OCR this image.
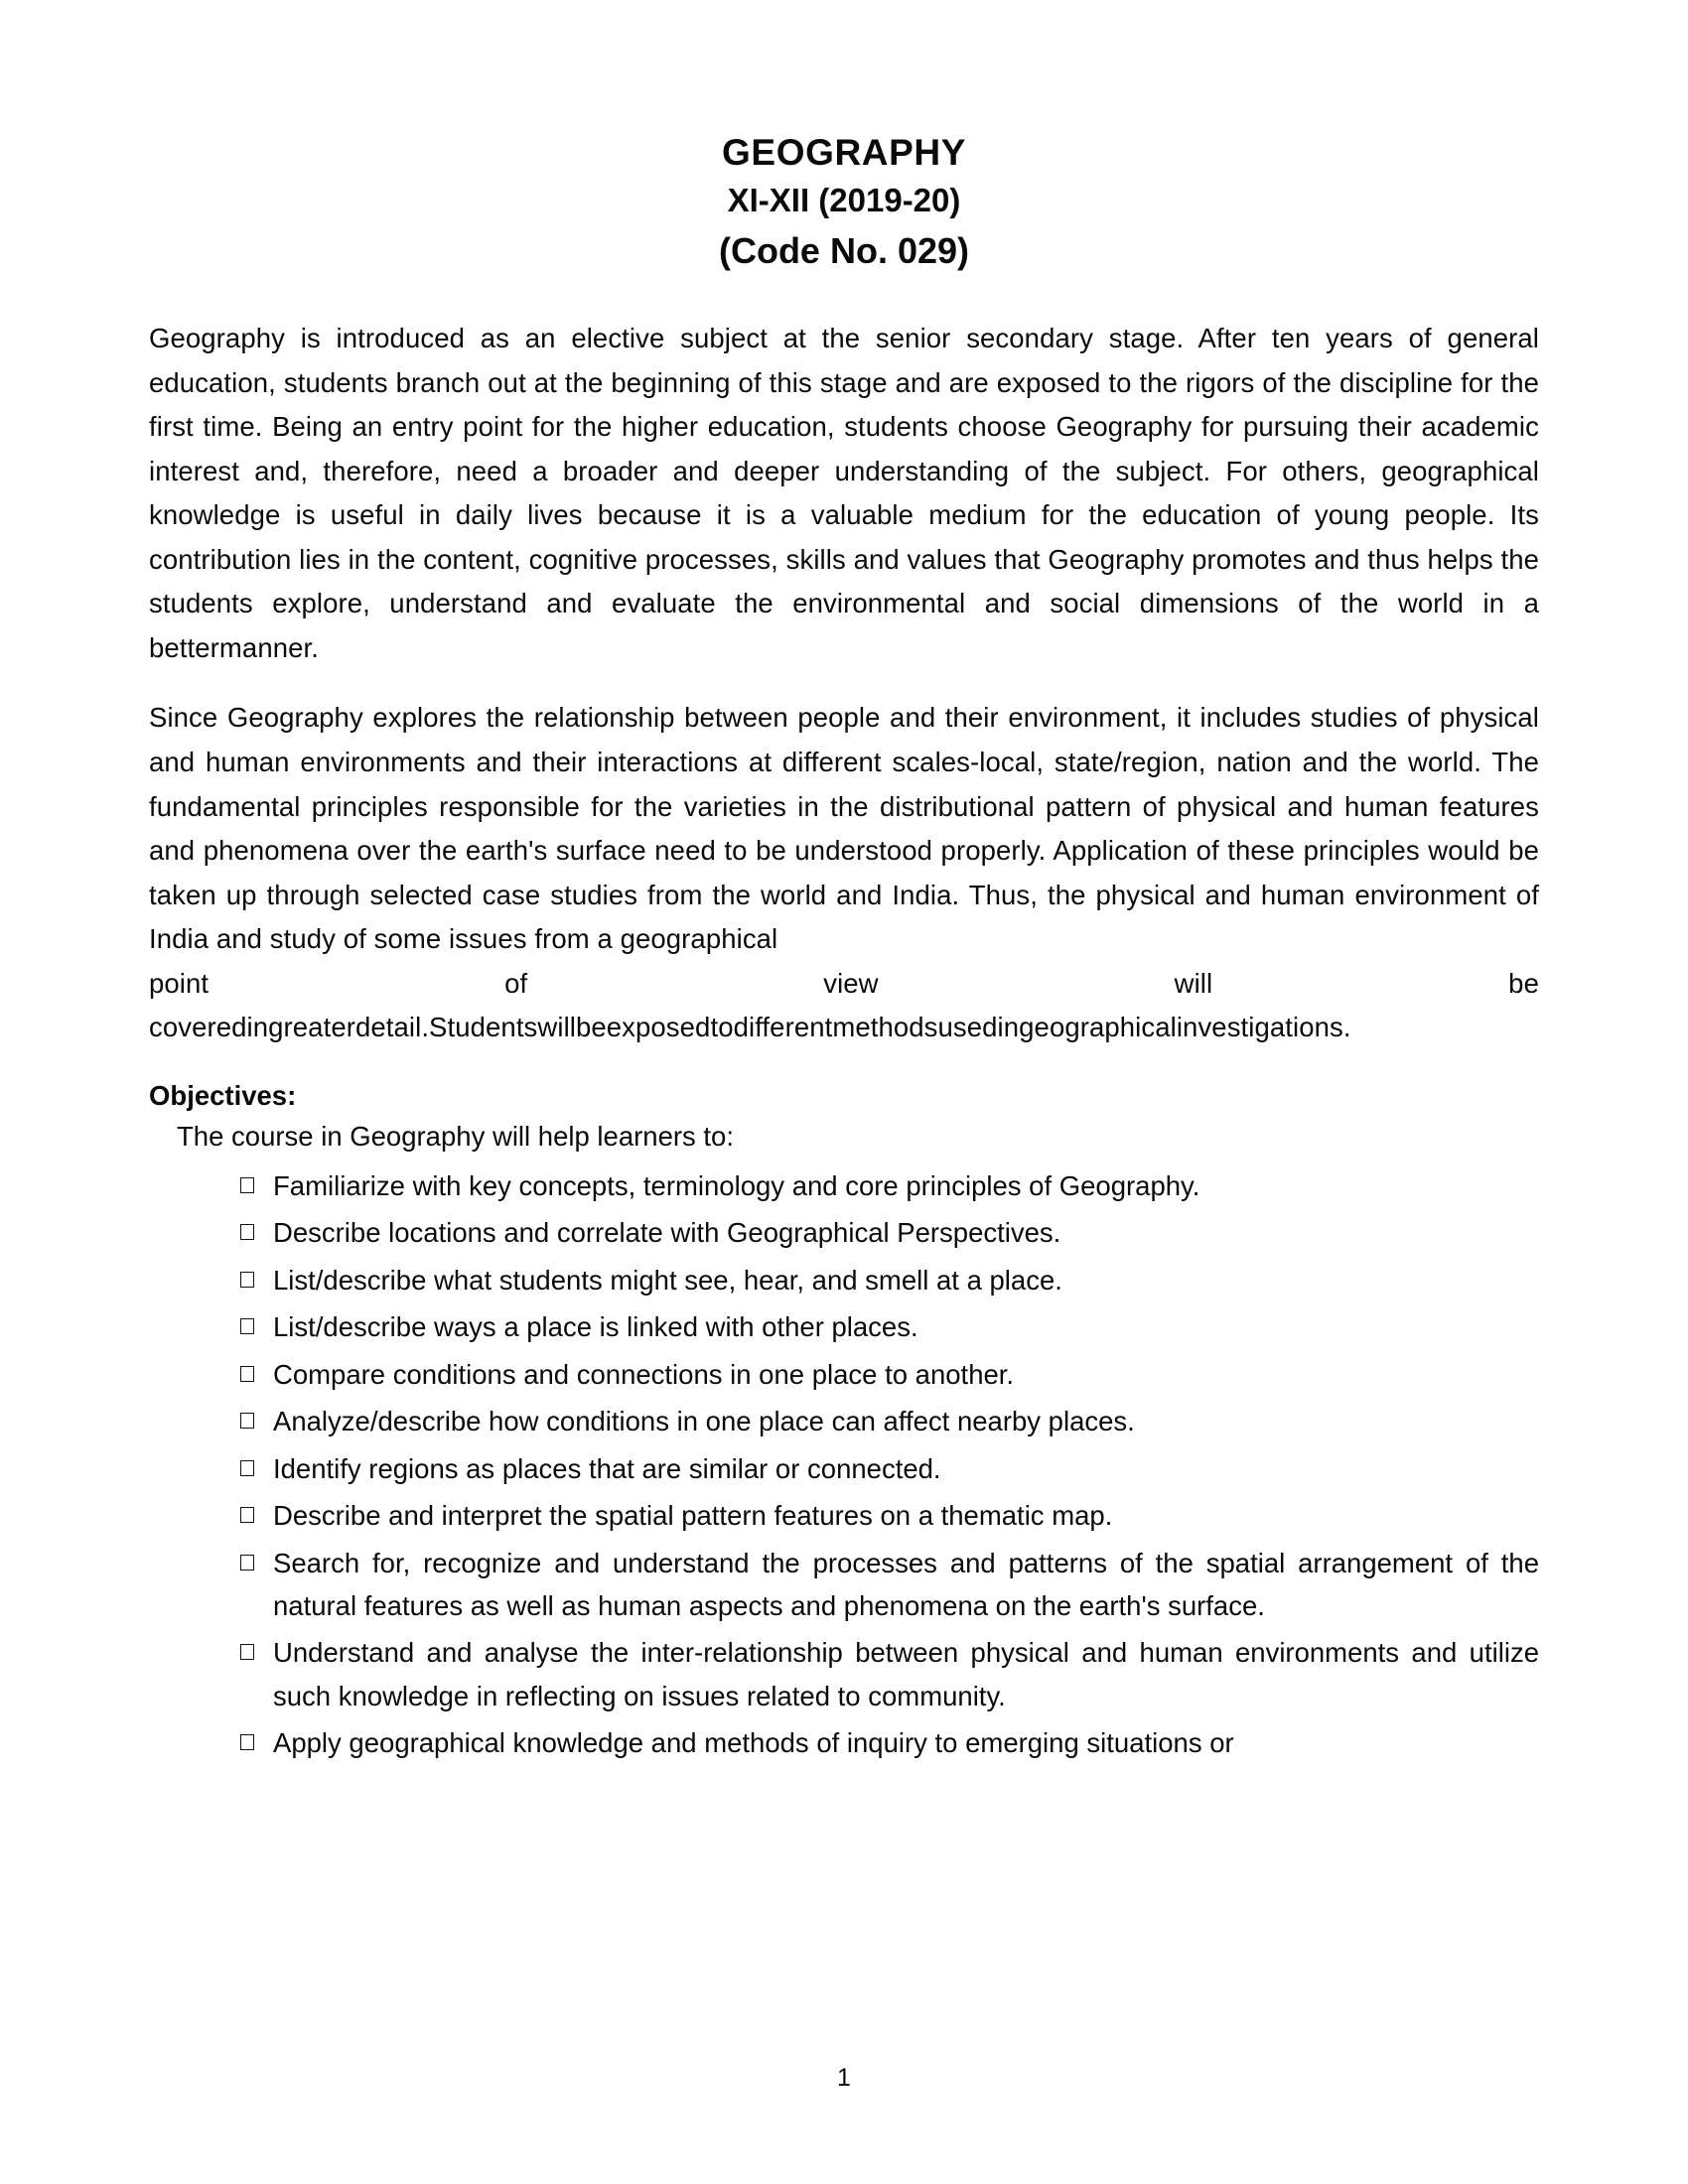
GEOGRAPHY
XI-XII (2019-20)
(Code No. 029)

Geography is introduced as an elective subject at the senior secondary stage. After ten years of general education, students branch out at the beginning of this stage and are exposed to the rigors of the discipline for the first time. Being an entry point for the higher education, students choose Geography for pursuing their academic interest and, therefore, need a broader and deeper understanding of the subject. For others, geographical knowledge is useful in daily lives because it is a valuable medium for the education of young people. Its contribution lies in the content, cognitive processes, skills and values that Geography promotes and thus helps the students explore, understand and evaluate the environmental and social dimensions of the world in a bettermanner.

Since Geography explores the relationship between people and their environment, it includes studies of physical and human environments and their interactions at different scales-local, state/region, nation and the world. The fundamental principles responsible for the varieties in the distributional pattern of physical and human features and phenomena over the earth's surface need to be understood properly. Application of these principles would be taken up through selected case studies from the world and India. Thus, the physical and human environment of India and study of some issues from a geographical
point	of	view	will	be
coveredingreaterdetail.Studentswillbeexposedtodifferentmethodsusedingeographicalinvestigations.
Objectives:
The course in Geography will help learners to:
Familiarize with key concepts, terminology and core principles of Geography.
Describe locations and correlate with Geographical Perspectives.
List/describe what students might see, hear, and smell at a place.
List/describe ways a place is linked with other places.
Compare conditions and connections in one place to another.
Analyze/describe how conditions in one place can affect nearby places.
Identify regions as places that are similar or connected.
Describe and interpret the spatial pattern features on a thematic map.
Search for, recognize and understand the processes and patterns of the spatial arrangement of the natural features as well as human aspects and phenomena on the earth's surface.
Understand and analyse the inter-relationship between physical and human environments and utilize such knowledge in reflecting on issues related to community.
Apply geographical knowledge and methods of inquiry to emerging situations or
1
